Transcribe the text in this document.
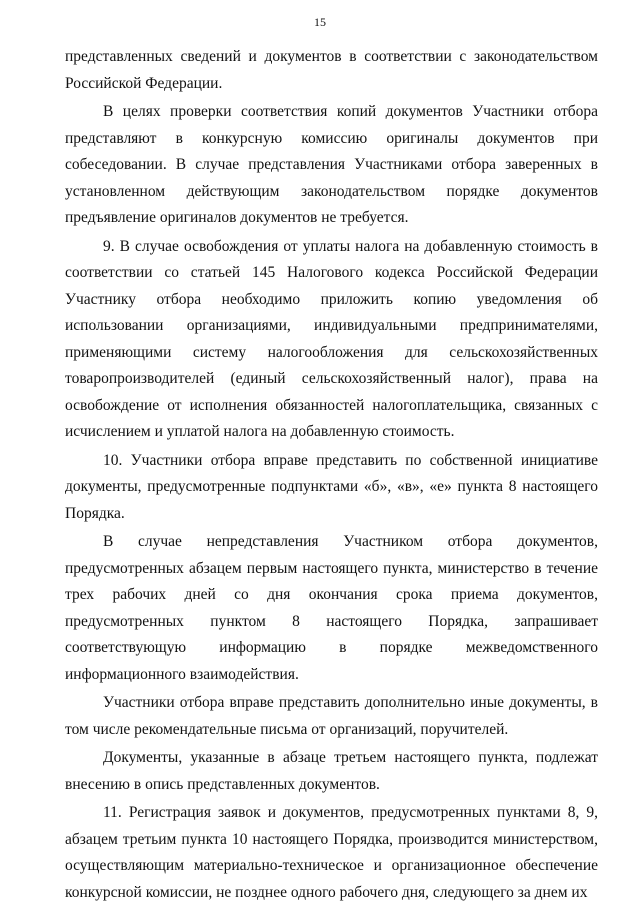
15

представленных сведений и документов в соответствии с законодательством Российской Федерации.

В целях проверки соответствия копий документов Участники отбора представляют в конкурсную комиссию оригиналы документов при собеседовании. В случае представления Участниками отбора заверенных в установленном действующим законодательством порядке документов предъявление оригиналов документов не требуется.

9. В случае освобождения от уплаты налога на добавленную стоимость в соответствии со статьей 145 Налогового кодекса Российской Федерации Участнику отбора необходимо приложить копию уведомления об использовании организациями, индивидуальными предпринимателями, применяющими систему налогообложения для сельскохозяйственных товаропроизводителей (единый сельскохозяйственный налог), права на освобождение от исполнения обязанностей налогоплательщика, связанных с исчислением и уплатой налога на добавленную стоимость.

10. Участники отбора вправе представить по собственной инициативе документы, предусмотренные подпунктами «б», «в», «е» пункта 8 настоящего Порядка.

В случае непредставления Участником отбора документов, предусмотренных абзацем первым настоящего пункта, министерство в течение трех рабочих дней со дня окончания срока приема документов, предусмотренных пунктом 8 настоящего Порядка, запрашивает соответствующую информацию в порядке межведомственного информационного взаимодействия.

Участники отбора вправе представить дополнительно иные документы, в том числе рекомендательные письма от организаций, поручителей.

Документы, указанные в абзаце третьем настоящего пункта, подлежат внесению в опись представленных документов.

11. Регистрация заявок и документов, предусмотренных пунктами 8, 9, абзацем третьим пункта 10 настоящего Порядка, производится министерством, осуществляющим материально-техническое и организационное обеспечение конкурсной комиссии, не позднее одного рабочего дня, следующего за днем их
